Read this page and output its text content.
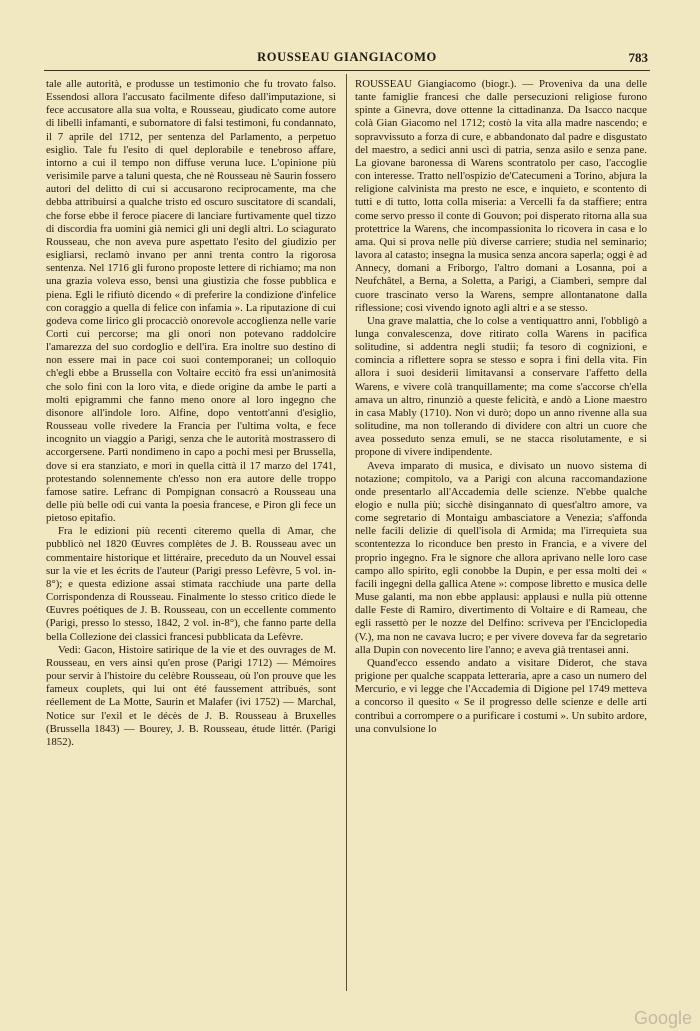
ROUSSEAU GIANGIACOMO	783

tale alle autorità, e produsse un testimonio che fu trovato falso. Essendosi allora l'accusato facilmente difeso dall'imputazione, si fece accusatore alla sua volta, e Rousseau, giudicato come autore di libelli infamanti, e subornatore di falsi testimoni, fu condannato, il 7 aprile del 1712, per sentenza del Parlamento, a perpetuo esiglio. Tale fu l'esito di quel deplorabile e tenebroso affare, intorno a cui il tempo non diffuse veruna luce. L'opinione più verisimile parve a taluni questa, che nè Rousseau nè Saurin fossero autori del delitto di cui si accusarono reciprocamente, ma che debba attribuirsi a qualche tristo ed oscuro suscitatore di scandali, che forse ebbe il feroce piacere di lanciare furtivamente quel tizzo di discordia fra uomini già nemici gli uni degli altri. Lo sciagurato Rousseau, che non aveva pure aspettato l'esito del giudizio per esigliarsi, reclamò invano per anni trenta contro la rigorosa sentenza. Nel 1716 gli furono proposte lettere di richiamo; ma non una grazia voleva esso, bensì una giustizia che fosse pubblica e piena. Egli le rifiutò dicendo « di preferire la condizione d'infelice con coraggio a quella di felice con infamia ». La riputazione di cui godeva come lirico gli procacciò onorevole accoglienza nelle varie Corti cui percorse; ma gli onori non potevano raddolcire l'amarezza del suo cordoglio e dell'ira. Era inoltre suo destino di non essere mai in pace coi suoi contemporanei; un colloquio ch'egli ebbe a Brussella con Voltaire eccitò fra essi un'animosità che solo finì con la loro vita, e diede origine da ambe le parti a molti epigrammi che fanno meno onore al loro ingegno che disonore all'indole loro. Alfine, dopo ventott'anni d'esiglio, Rousseau volle rivedere la Francia per l'ultima volta, e fece incognito un viaggio a Parigi, senza che le autorità mostrassero di accorgersene. Partì nondimeno in capo a pochi mesi per Brussella, dove si era stanziato, e morì in quella città il 17 marzo del 1741, protestando solennemente ch'esso non era autore delle troppo famose satire. Lefranc di Pompignan consacrò a Rousseau una delle più belle odi cui vanta la poesia francese, e Piron gli fece un pietoso epitafio.

Fra le edizioni più recenti citeremo quella di Amar, che pubblicò nel 1820 Œuvres complètes de J. B. Rousseau avec un commentaire historique et littéraire, preceduto da un Nouvel essai sur la vie et les écrits de l'auteur (Parigi presso Lefèvre, 5 vol. in-8°); e questa edizione assai stimata racchiude una parte della Corrispondenza di Rousseau. Finalmente lo stesso critico diede le Œuvres poétiques de J. B. Rousseau, con un eccellente commento (Parigi, presso lo stesso, 1842, 2 vol. in-8°), che fanno parte della bella Collezione dei classici francesi pubblicata da Lefèvre.

Vedi: Gacon, Histoire satirique de la vie et des ouvrages de M. Rousseau, en vers ainsi qu'en prose (Parigi 1712) — Mémoires pour servir à l'histoire du celèbre Rousseau, où l'on prouve que les fameux couplets, qui lui ont été faussement attribués, sont réellement de La Motte, Saurin et Malafer (ivi 1752) — Marchal, Notice sur l'exil et le décès de J. B. Rousseau à Bruxelles (Brussella 1843) — Bourey, J. B. Rousseau, étude littér. (Parigi 1852).

ROUSSEAU Giangiacomo (biogr.). — Proveniva da una delle tante famiglie francesi che dalle persecuzioni religiose furono spinte a Ginevra, dove ottenne la cittadinanza. Da Isacco nacque colà Gian Giacomo nel 1712; costò la vita alla madre nascendo; e sopravvissuto a forza di cure, e abbandonato dal padre e disgustato del maestro, a sedici anni uscì di patria, senza asilo e senza pane. La giovane baronessa di Warens scontratolo per caso, l'accoglie con interesse. Tratto nell'ospizio de'Catecumeni a Torino, abjura la religione calvinista ma presto ne esce, e inquieto, e scontento di tutti e di tutto, lotta colla miseria: a Vercelli fa da staffiere; entra come servo presso il conte di Gouvon; poi disperato ritorna alla sua protettrice la Warens, che incompassionita lo ricovera in casa e lo ama. Qui si prova nelle più diverse carriere; studia nel seminario; lavora al catasto; insegna la musica senza ancora saperla; oggi è ad Annecy, domani a Friborgo, l'altro domani a Losanna, poi a Neufchâtel, a Berna, a Soletta, a Parigi, a Ciamberì, sempre dal cuore trascinato verso la Warens, sempre allontanatone dalla riflessione; così vivendo ignoto agli altri e a se stesso.

Una grave malattia, che lo colse a ventiquattro anni, l'obbligò a lunga convalescenza, dove ritirato colla Warens in pacifica solitudine, si addentra negli studii; fa tesoro di cognizioni, e comincia a riflettere sopra se stesso e sopra i fini della vita. Fin allora i suoi desiderii limitavansi a conservare l'affetto della Warens, e vivere colà tranquillamente; ma come s'accorse ch'ella amava un altro, rinunziò a queste felicità, e andò a Lione maestro in casa Mably (1710). Non vi durò; dopo un anno rivenne alla sua solitudine, ma non tollerando di dividere con altri un cuore che avea posseduto senza emuli, se ne stacca risolutamente, e si propone di vivere indipendente.

Aveva imparato di musica, e divisato un nuovo sistema di notazione; compitolo, va a Parigi con alcuna raccomandazione onde presentarlo all'Accademia delle scienze. N'ebbe qualche elogio e nulla più; sicchè disingannato di quest'altro amore, va come segretario di Montaigu ambasciatore a Venezia; s'affonda nelle facili delizie di quell'isola di Armida; ma l'irrequieta sua scontentezza lo riconduce ben presto in Francia, e a vivere del proprio ingegno. Fra le signore che allora aprivano nelle loro case campo allo spirito, egli conobbe la Dupin, e per essa molti dei « facili ingegni della gallica Atene »: compose libretto e musica delle Muse galanti, ma non ebbe applausi: applausi e nulla più ottenne dalle Feste di Ramiro, divertimento di Voltaire e di Rameau, che egli rassettò per le nozze del Delfino: scriveva per l'Enciclopedia (V.), ma non ne cavava lucro; e per vivere doveva far da segretario alla Dupin con novecento lire l'anno; e aveva già trentasei anni.

Quand'ecco essendo andato a visitare Diderot, che stava prigione per qualche scappata letteraria, apre a caso un numero del Mercurio, e vi legge che l'Accademia di Digione pel 1749 metteva a concorso il quesito « Se il progresso delle scienze e delle arti contribuì a corrompere o a purificare i costumi ». Un subito ardore, una convulsione lo

Google
